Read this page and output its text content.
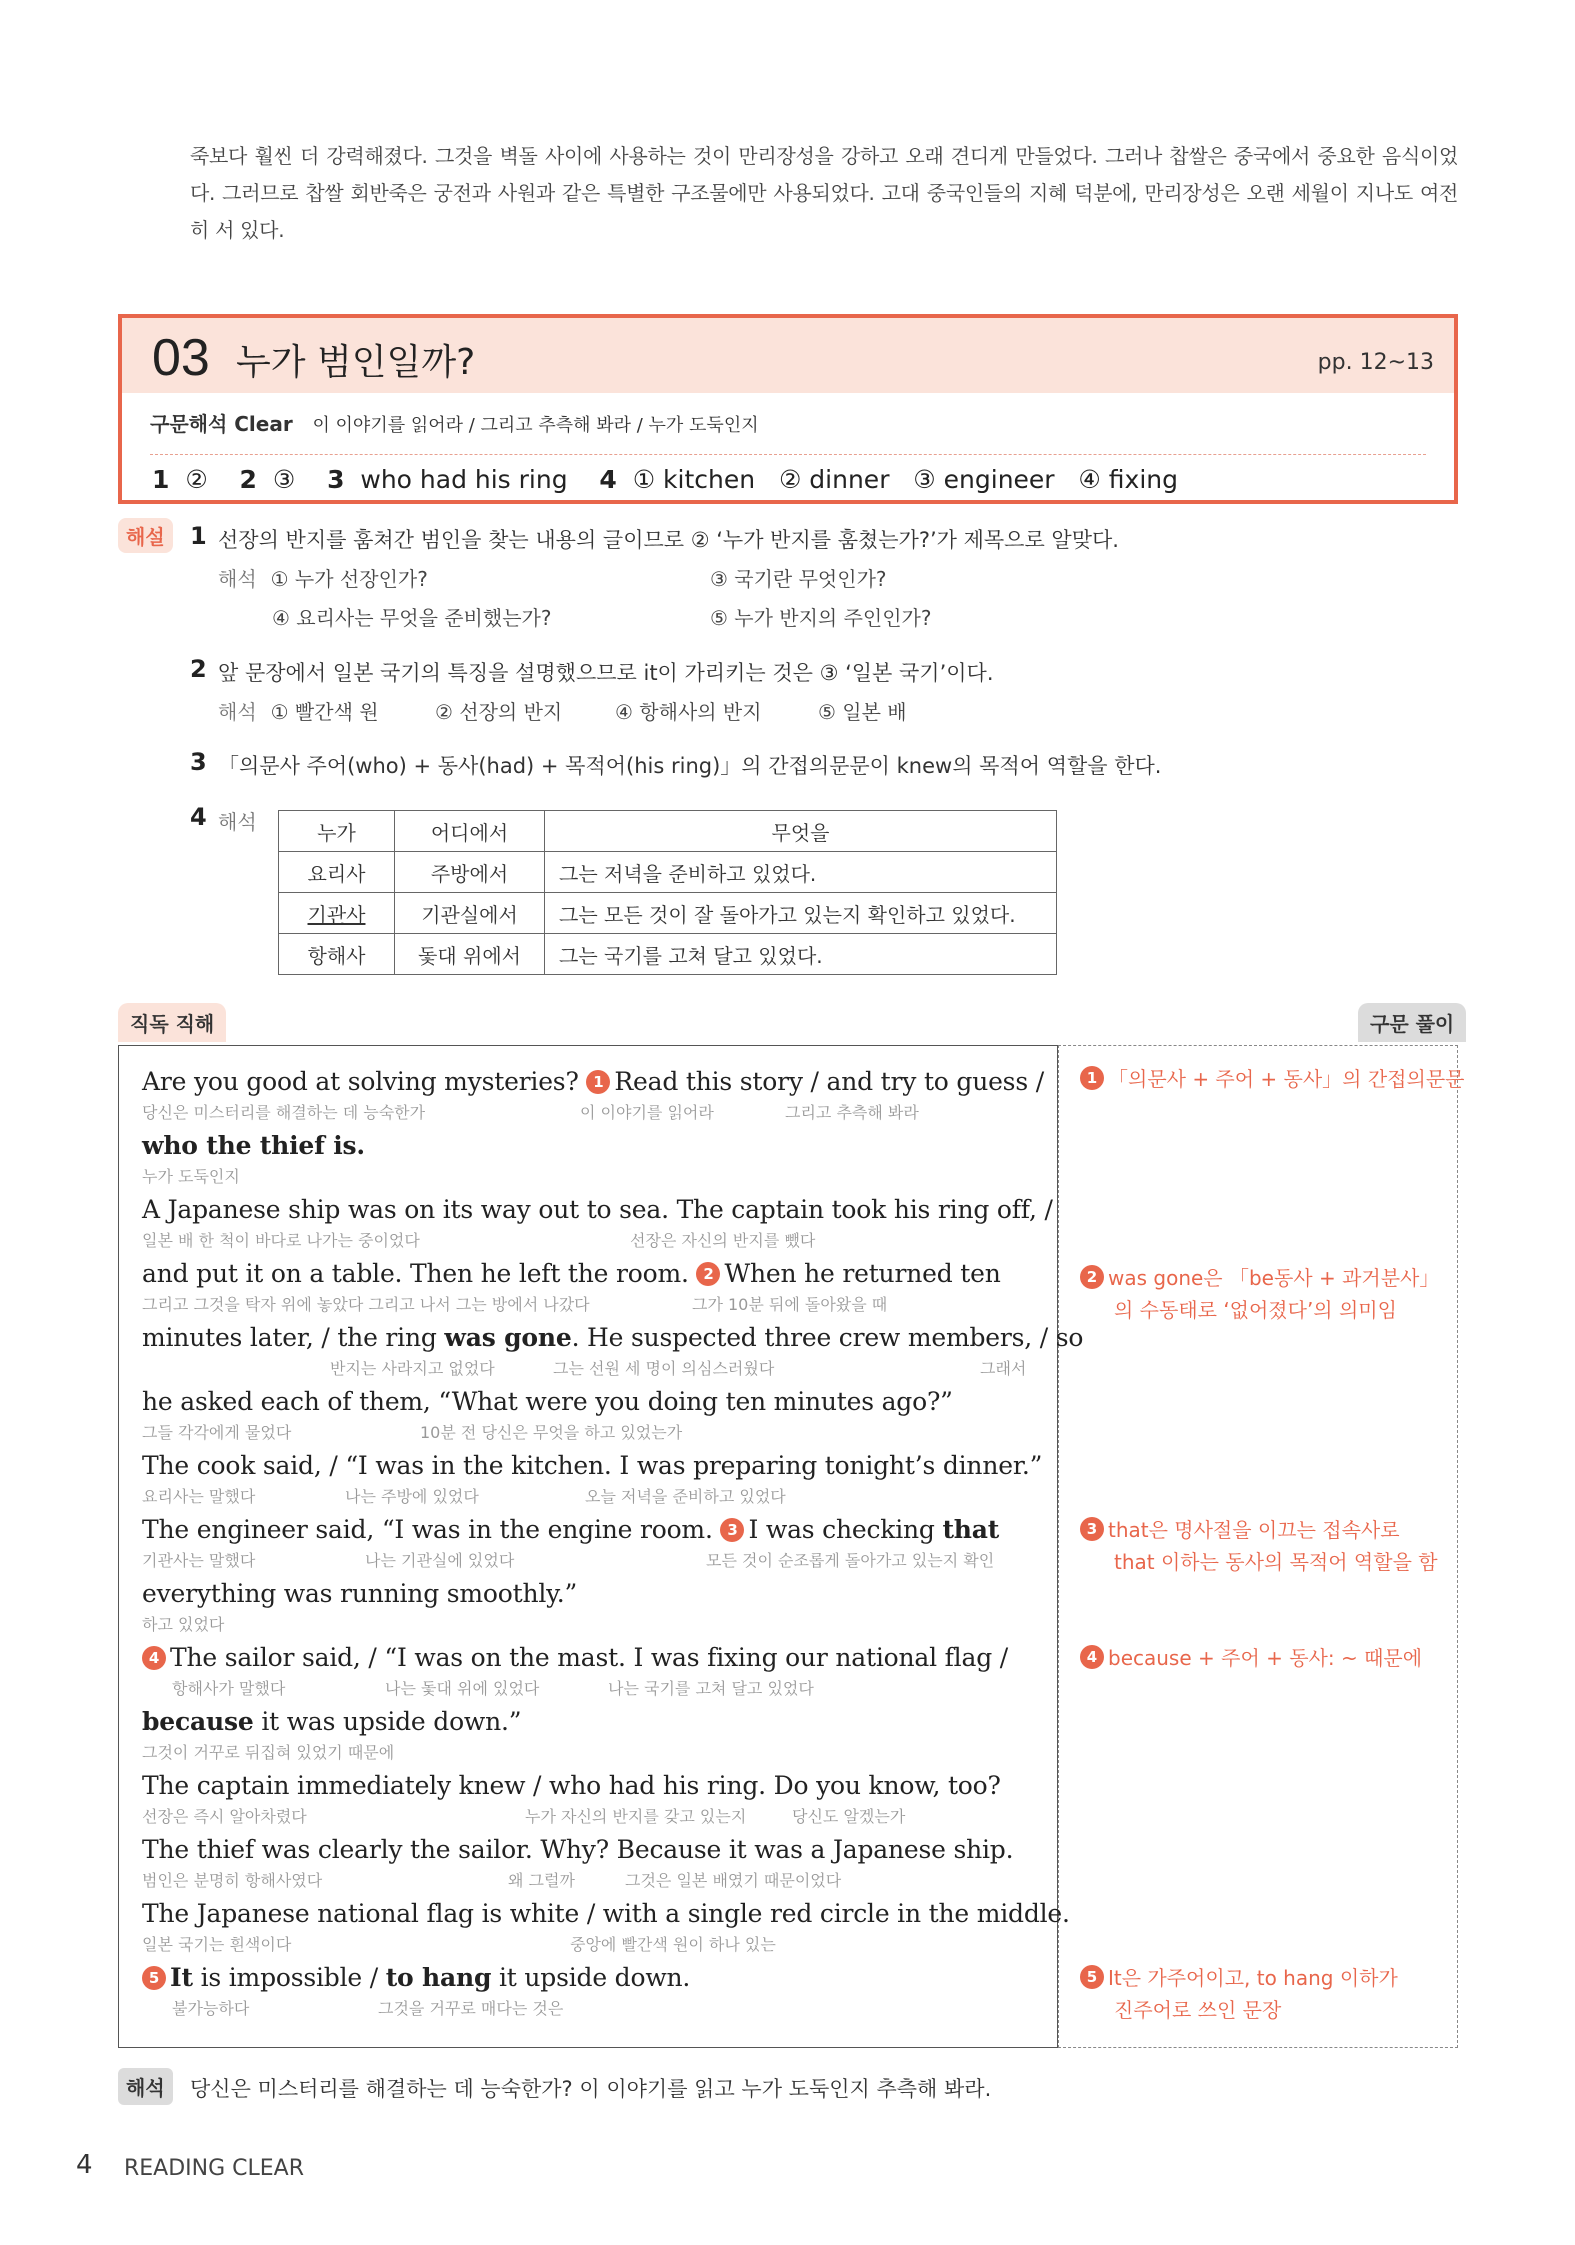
죽보다 훨씬 더 강력해졌다. 그것을 벽돌 사이에 사용하는 것이 만리장성을 강하고 오래 견디게 만들었다. 그러나 찹쌀은 중국에서 중요한 음식이었다. 그러므로 찹쌀 회반죽은 궁전과 사원과 같은 특별한 구조물에만 사용되었다. 고대 중국인들의 지혜 덕분에, 만리장성은 오랜 세월이 지나도 여전히 서 있다.
03 누가 범인일까?	pp. 12~13
구문해석 Clear 이 이야기를 읽어라 / 그리고 추측해 봐라 / 누가 도둑인지
1 ② 2 ③ 3 who had his ring 4 ① kitchen   ② dinner   ③ engineer   ④ fixing
해설	1 선장의 반지를 훔쳐간 범인을 찾는 내용의 글이므로 ② ‘누가 반지를 훔쳤는가?’가 제목으로 알맞다.
해석 ① 누가 선장인가?	③ 국기란 무엇인가?
④ 요리사는 무엇을 준비했는가?	⑤ 누가 반지의 주인인가?
2 앞 문장에서 일본 국기의 특징을 설명했으므로 it이 가리키는 것은 ③ ‘일본 국기’이다.
해석 ① 빨간색 원	② 선장의 반지	④ 항해사의 반지	⑤ 일본 배
3 「의문사 주어(who) + 동사(had) + 목적어(his ring)」의 간접의문문이 knew의 목적어 역할을 한다.
4 해석	누가	어디에서	무엇을
요리사	주방에서	그는 저녁을 준비하고 있었다.
기관사	기관실에서	그는 모든 것이 잘 돌아가고 있는지 확인하고 있었다.
항해사	돛대 위에서	그는 국기를 고쳐 달고 있었다.
직독 직해	구문 풀이
Are you good at solving mysteries? 1 Read this story / and try to guess /
당신은 미스터리를 해결하는 데 능숙한가	이 이야기를 읽어라	그리고 추측해 봐라
who the thief is.
누가 도둑인지
A Japanese ship was on its way out to sea. The captain took his ring off, /
일본 배 한 척이 바다로 나가는 중이었다	선장은 자신의 반지를 뺐다
and put it on a table. Then he left the room. 2 When he returned ten
그리고 그것을 탁자 위에 놓았다 그리고 나서 그는 방에서 나갔다	그가 10분 뒤에 돌아왔을 때
minutes later, / the ring was gone. He suspected three crew members, / so
반지는 사라지고 없었다	그는 선원 세 명이 의심스러웠다	그래서
he asked each of them, “What were you doing ten minutes ago?”
그들 각각에게 물었다	10분 전 당신은 무엇을 하고 있었는가
The cook said, / “I was in the kitchen. I was preparing tonight’s dinner.”
요리사는 말했다	나는 주방에 있었다	오늘 저녁을 준비하고 있었다
The engineer said, “I was in the engine room. 3 I was checking that
기관사는 말했다	나는 기관실에 있었다	모든 것이 순조롭게 돌아가고 있는지 확인
everything was running smoothly.”
하고 있었다
4 The sailor said, / “I was on the mast. I was fixing our national flag /
항해사가 말했다	나는 돛대 위에 있었다	나는 국기를 고쳐 달고 있었다
because it was upside down.”
그것이 거꾸로 뒤집혀 있었기 때문에
The captain immediately knew / who had his ring. Do you know, too?
선장은 즉시 알아차렸다	누가 자신의 반지를 갖고 있는지	당신도 알겠는가
The thief was clearly the sailor. Why? Because it was a Japanese ship.
범인은 분명히 항해사였다	왜 그럴까	그것은 일본 배였기 때문이었다
The Japanese national flag is white / with a single red circle in the middle.
일본 국기는 흰색이다	중앙에 빨간색 원이 하나 있는
5 It is impossible / to hang it upside down.
불가능하다	그것을 거꾸로 매다는 것은
1 「의문사 + 주어 + 동사」의 간접의문문
2 was gone은 「be동사 + 과거분사」
의 수동태로 ‘없어졌다’의 의미임
3 that은 명사절을 이끄는 접속사로
that 이하는 동사의 목적어 역할을 함
4 because + 주어 + 동사: ~ 때문에
5 It은 가주어이고, to hang 이하가
진주어로 쓰인 문장
해석	당신은 미스터리를 해결하는 데 능숙한가? 이 이야기를 읽고 누가 도둑인지 추측해 봐라.
4 READING CLEAR
